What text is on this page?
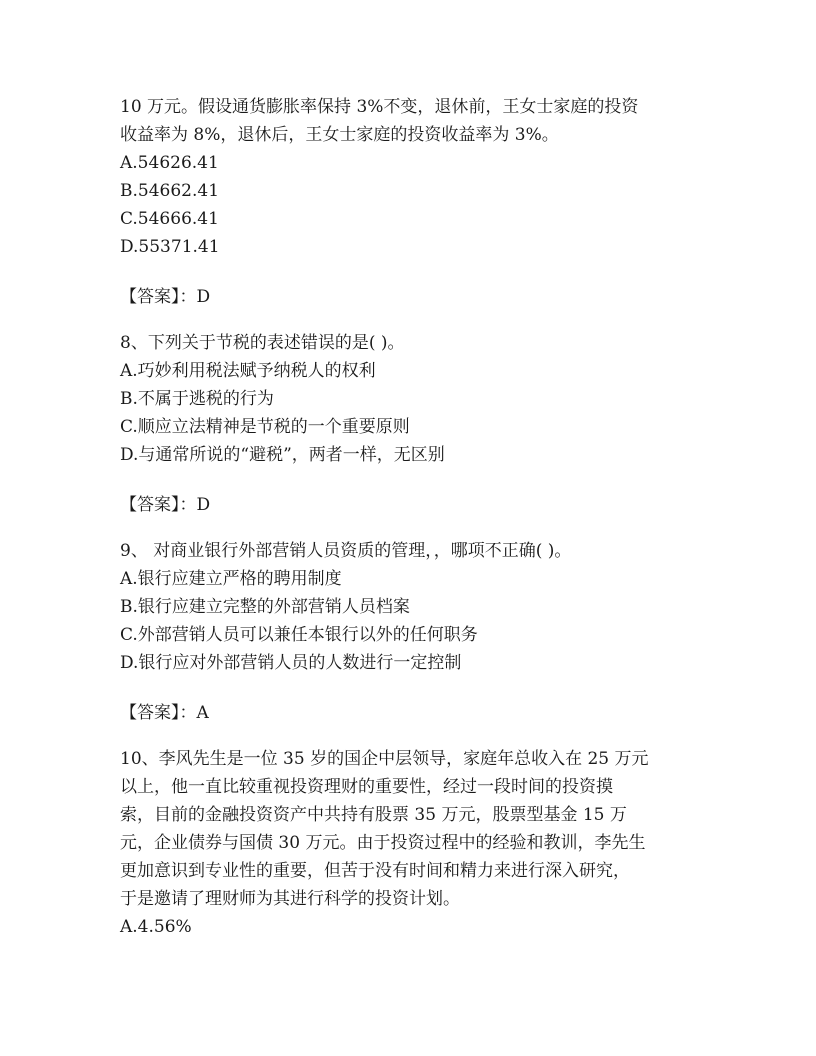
10 万元。假设通货膨胀率保持 3%不变，退休前，王女士家庭的投资
收益率为 8%，退休后，王女士家庭的投资收益率为 3%。
A.54626.41
B.54662.41
C.54666.41
D.55371.41
【答案】：D
8、下列关于节税的表述错误的是( )。
A.巧妙利用税法赋予纳税人的权利
B.不属于逃税的行为
C.顺应立法精神是节税的一个重要原则
D.与通常所说的“避税”，两者一样，无区别
【答案】：D
9、 对商业银行外部营销人员资质的管理，，哪项不正确( )。
A.银行应建立严格的聘用制度
B.银行应建立完整的外部营销人员档案
C.外部营销人员可以兼任本银行以外的任何职务
D.银行应对外部营销人员的人数进行一定控制
【答案】：A
10、李风先生是一位 35 岁的国企中层领导，家庭年总收入在 25 万元
以上，他一直比较重视投资理财的重要性，经过一段时间的投资摸
索，目前的金融投资资产中共持有股票 35 万元，股票型基金 15 万
元，企业债券与国债 30 万元。由于投资过程中的经验和教训，李先生
更加意识到专业性的重要，但苦于没有时间和精力来进行深入研究，
于是邀请了理财师为其进行科学的投资计划。
A.4.56%
